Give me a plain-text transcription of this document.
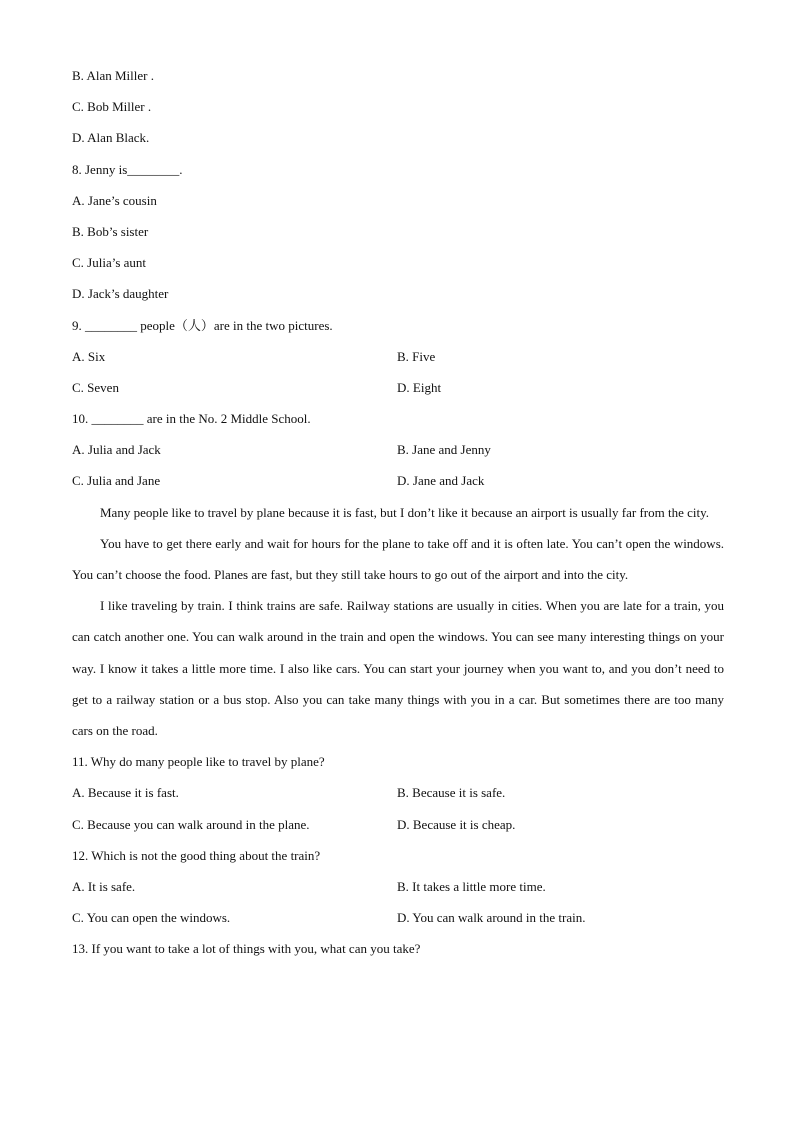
B. Alan Miller .
C. Bob Miller .
D. Alan Black.
8. Jenny is________.
A. Jane’s cousin
B. Bob’s sister
C. Julia’s aunt
D. Jack’s daughter
9. ________ people（人）are in the two pictures.
A. Six	B. Five
C. Seven	D. Eight
10. ________ are in the No. 2 Middle School.
A. Julia and Jack	B. Jane and Jenny
C. Julia and Jane	D. Jane and Jack

Many people like to travel by plane because it is fast, but I don’t like it because an airport is usually far from the city.

You have to get there early and wait for hours for the plane to take off and it is often late. You can’t open the windows. You can’t choose the food. Planes are fast, but they still take hours to go out of the airport and into the city.

I like traveling by train. I think trains are safe. Railway stations are usually in cities. When you are late for a train, you can catch another one. You can walk around in the train and open the windows. You can see many interesting things on your way. I know it takes a little more time. I also like cars. You can start your journey when you want to, and you don’t need to get to a railway station or a bus stop. Also you can take many things with you in a car. But sometimes there are too many cars on the road.

11. Why do many people like to travel by plane?
A. Because it is fast.	B. Because it is safe.
C. Because you can walk around in the plane.	D. Because it is cheap.
12. Which is not the good thing about the train?
A. It is safe.	B. It takes a little more time.
C. You can open the windows.	D. You can walk around in the train.
13. If you want to take a lot of things with you, what can you take?
